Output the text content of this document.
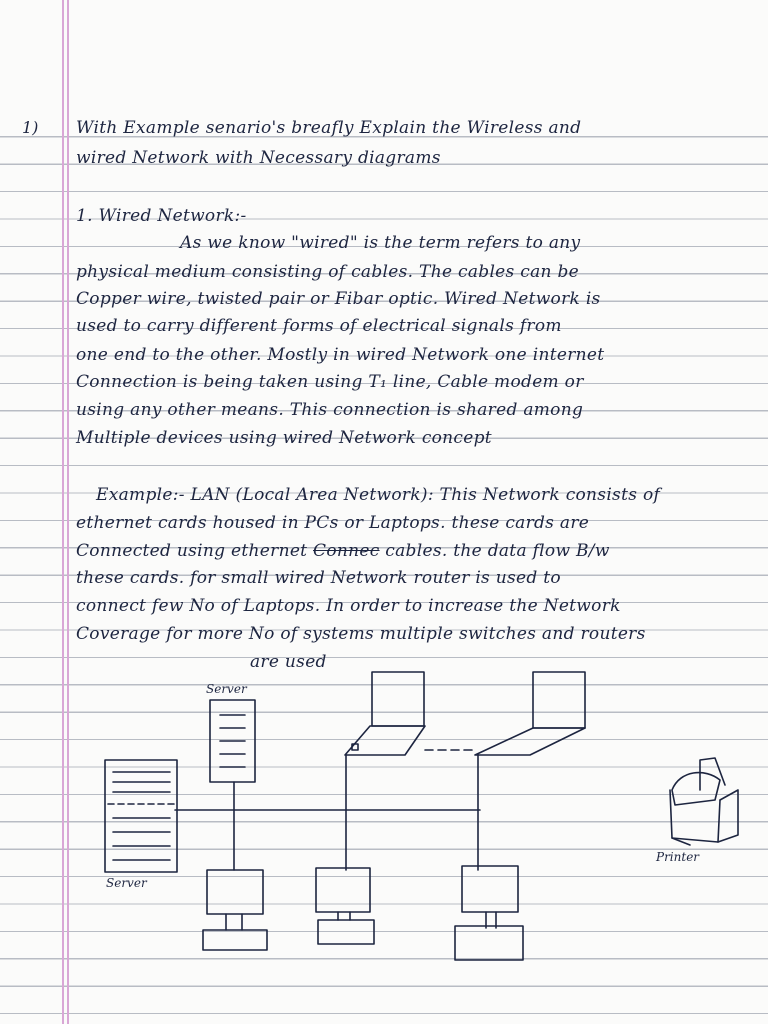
1) With Example senario's breafly Explain the Wireless and
wired Network with Necessary diagrams
1. Wired Network:-
As we know "wired" is the term refers to any
physical medium consisting of cables. The cables can be
Copper wire, twisted pair or Fibar optic. Wired Network is
used to carry different forms of electrical signals from
one end to the other. Mostly in wired Network one internet
Connection is being taken using T₁ line, Cable modem or
using any other means. This connection is shared among
Multiple devices using wired Network concept
Example:- LAN (Local Area Network): This Network consists of
ethernet cards housed in PCs or Laptops. these cards are
Connected using ethernet Connec cables. the data flow B/w
these cards. for small wired Network router is used to
connect few No of Laptops. In order to increase the Network
Coverage for more No of systems multiple switches and routers
are used
Server
Server
Printer
